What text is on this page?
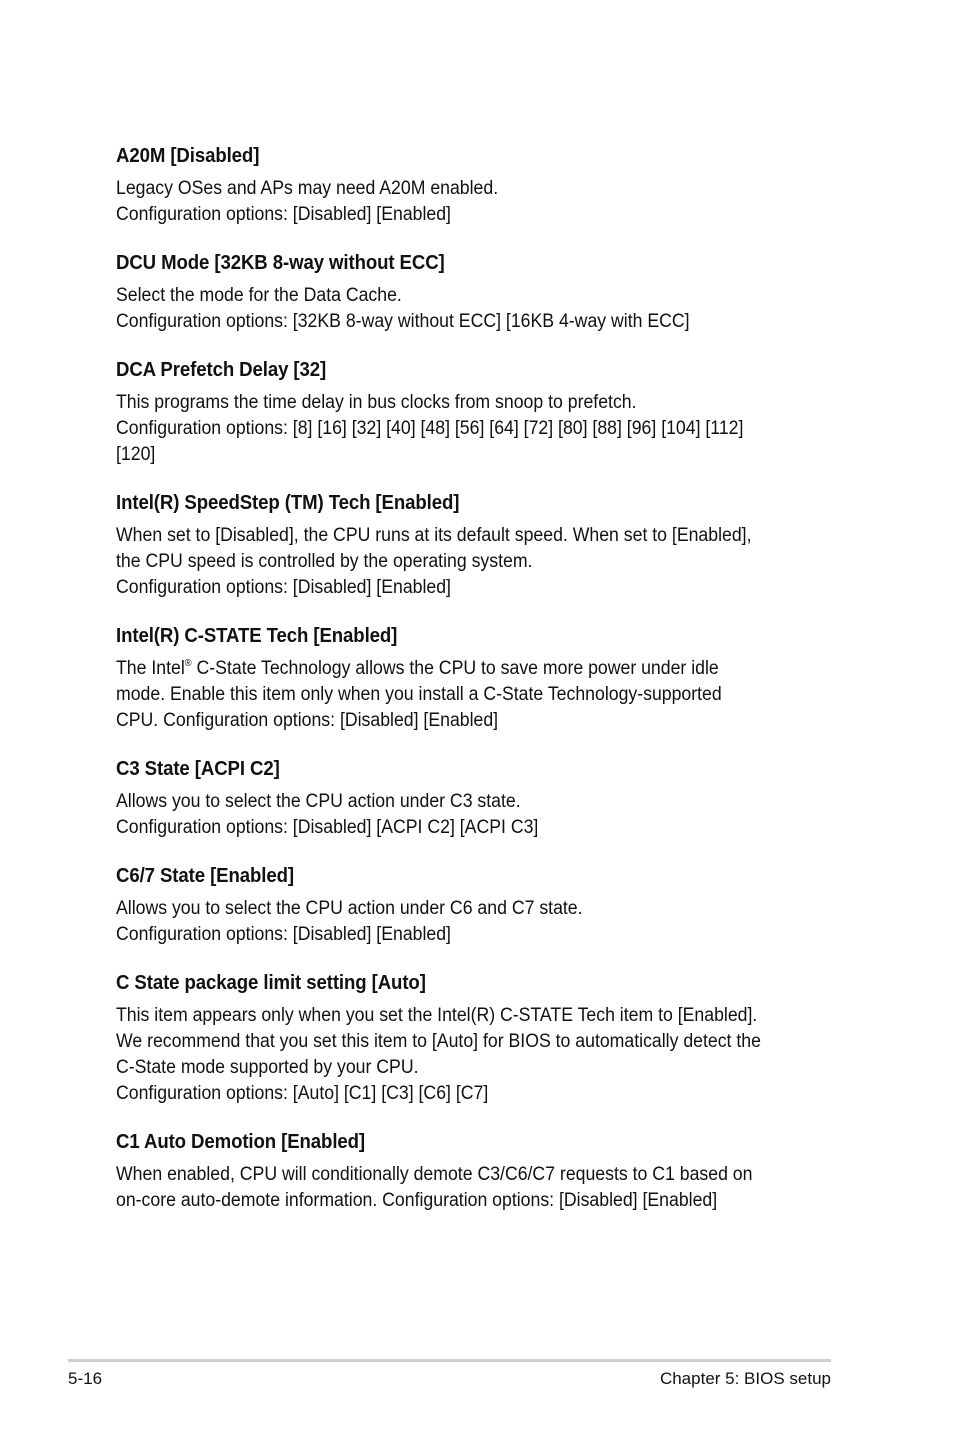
A20M [Disabled]

Legacy OSes and APs may need A20M enabled.
Configuration options: [Disabled] [Enabled]

DCU Mode [32KB 8-way without ECC]

Select the mode for the Data Cache.
Configuration options: [32KB 8-way without ECC] [16KB 4-way with ECC]

DCA Prefetch Delay [32]

This programs the time delay in bus clocks from snoop to prefetch.
Configuration options: [8] [16] [32] [40] [48] [56] [64] [72] [80] [88] [96] [104] [112]
[120]

Intel(R) SpeedStep (TM) Tech [Enabled]

When set to [Disabled], the CPU runs at its default speed. When set to [Enabled],
the CPU speed is controlled by the operating system.
Configuration options: [Disabled] [Enabled]

Intel(R) C-STATE Tech [Enabled]

The Intel® C-State Technology allows the CPU to save more power under idle
mode. Enable this item only when you install a C-State Technology-supported
CPU. Configuration options: [Disabled] [Enabled]

C3 State [ACPI C2]

Allows you to select the CPU action under C3 state.
Configuration options: [Disabled] [ACPI C2] [ACPI C3]

C6/7 State [Enabled]

Allows you to select the CPU action under C6 and C7 state.
Configuration options: [Disabled] [Enabled]

C State package limit setting [Auto]

This item appears only when you set the Intel(R) C-STATE Tech item to [Enabled].
We recommend that you set this item to [Auto] for BIOS to automatically detect the
C-State mode supported by your CPU.
Configuration options: [Auto] [C1] [C3] [C6] [C7]

C1 Auto Demotion [Enabled]

When enabled, CPU will conditionally demote C3/C6/C7 requests to C1 based on
on-core auto-demote information. Configuration options: [Disabled] [Enabled]

5-16	Chapter 5: BIOS setup
